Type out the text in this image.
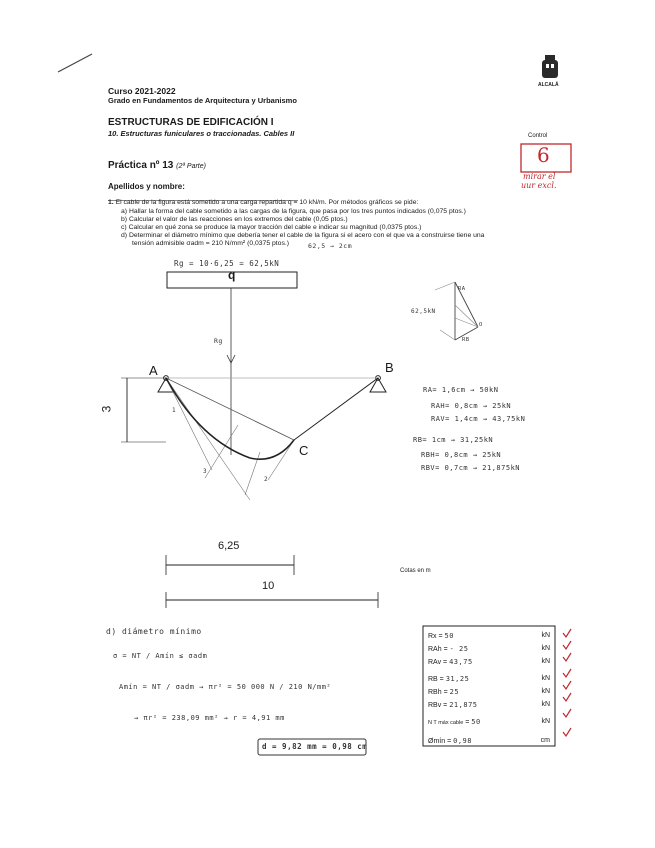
Curso 2021-2022
Grado en Fundamentos de Arquitectura y Urbanismo
ALCALÁ
ESTRUCTURAS DE EDIFICACIÓN I
10. Estructuras funiculares o traccionadas. Cables II	Control
6
mirar el
uur excl.
Práctica nº 13 (2ª Parte)
Apellidos y nombre:
1. El cable de la figura está sometido a una carga repartida q = 10 kN/m. Por métodos gráficos se pide:
a) Hallar la forma del cable sometido a las cargas de la figura, que pasa por los tres puntos indicados (0,075 ptos.)
b) Calcular el valor de las reacciones en los extremos del cable (0,05 ptos.)
c) Calcular en qué zona se produce la mayor tracción del cable e indicar su magnitud (0,0375 ptos.)
d) Determinar el diámetro mínimo que debería tener el cable de la figura si el acero con el que va a construirse tiene una
tensión admisible σadm = 210 N/mm² (0,0375 ptos.)	62,5 → 2cm
Rg = 10·6,25 = 62,5kN
q
Rg
A	B
C
3	1
3
2
6,25
10
Cotas en m
62,5kN
RA
RB
O
RA= 1,6cm → 50kN
RAH= 0,8cm → 25kN
RAV= 1,4cm → 43,75kN
RB= 1cm → 31,25kN
RBH= 0,8cm → 25kN
RBV= 0,7cm → 21,875kN
d) diámetro mínimo
σ = NT / Amín ≤ σadm
Amín = NT / σadm → πr² = 50 000 N / 210 N/mm²
→ πr² = 238,09 mm² → r = 4,91 mm
d = 9,82 mm = 0,98 cm
Rx = 50	kN
RAh = - 25	kN
RAv = 43,75	kN
RB = 31,25	kN
RBh = 25	kN
RBv = 21,875	kN
N T máx cable = 50	kN
Ømín = 0,98	cm
